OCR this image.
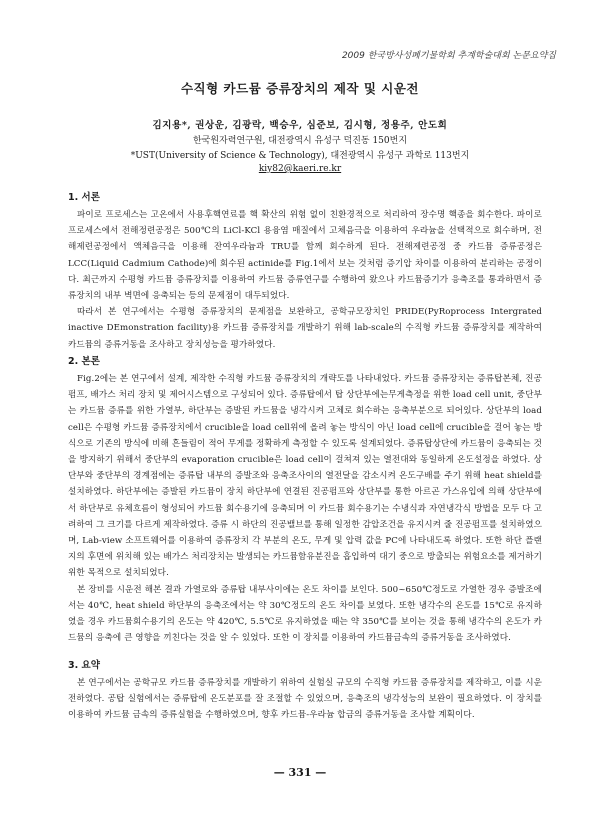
2009 한국방사성폐기물학회 추계학술대회 논문요약집
수직형 카드뮴 증류장치의 제작 및 시운전
김지용*, 권상운, 김광락, 백승우, 심준보, 김시형, 정용주, 안도희
한국원자력연구원, 대전광역시 유성구 덕진동 150번지
*UST(University of Science & Technology), 대전광역시 유성구 과학로 113번지
kiy82@kaeri.re.kr

1. 서론

파이로 프로세스는 고온에서 사용후핵연료를 핵 확산의 위험 없이 친환경적으로 처리하여 장수명 핵종을 회수한다. 파이로 프로세스에서 전해정련공정은 500℃의 LiCl-KCl 용융염 매질에서 고체음극을 이용하여 우라늄을 선택적으로 회수하며, 전해제련공정에서 액체음극을 이용해 잔여우라늄과 TRU를 함께 회수하게 된다. 전해제련공정 중 카드뮴 증류공정은 LCC(Liquid Cadmium Cathode)에 회수된 actinide를 Fig.1에서 보는 것처럼 증기압 차이를 이용하여 분리하는 공정이다. 최근까지 수평형 카드뮴 증류장치를 이용하여 카드뮴 증류연구를 수행하여 왔으나 카드뮴증기가 응축조를 통과하면서 증류장치의 내부 벽면에 응축되는 등의 문제점이 대두되었다.

따라서 본 연구에서는 수평형 증류장치의 문제점을 보완하고, 공학규모장치인 PRIDE(PyRoprocess Intergrated inactive DEmonstration facility)용 카드뮴 증류장치를 개발하기 위해 lab-scale의 수직형 카드뮴 증류장치를 제작하여 카드뮴의 증류거동을 조사하고 장치성능을 평가하였다.

2. 본론

Fig.2에는 본 연구에서 설계, 제작한 수직형 카드뮴 증류장치의 개략도를 나타내었다. 카드뮴 증류장치는 증류탑본체, 진공펌프, 배가스 처리 장치 및 제어시스템으로 구성되어 있다. 증류탑에서 탑 상단부에는무게측정을 위한 load cell unit, 중단부는 카드뮴 증류를 위한 가열부, 하단부는 증발된 카드뮴을 냉각시켜 고체로 회수하는 응축부분으로 되어있다. 상단부의 load cell은 수평형 카드뮴 증류장치에서 crucible을 load cell위에 올려 놓는 방식이 아닌 load cell에 crucible을 걸어 놓는 방식으로 기존의 방식에 비해 흔들림이 적어 무게를 정확하게 측정할 수 있도록 설계되었다. 증류탑상단에 카드뮴이 응축되는 것을 방지하기 위해서 중단부의 evaporation crucible은 load cell이 걸쳐져 있는 열전대와 동일하게 온도설정을 하였다. 상단부와 중단부의 경계점에는 증류탑 내부의 증발조와 응축조사이의 열전달을 감소시켜 온도구배를 주기 위해 heat shield를 설치하였다. 하단부에는 증발된 카드뮴이 장치 하단부에 연결된 진공펌프와 상단부를 통한 아르곤 가스유입에 의해 상단부에서 하단부로 유체흐름이 형성되어 카드뮴 회수용기에 응축되며 이 카드뮴 회수용기는 수냉식과 자연냉각식 방법을 모두 다 고려하여 그 크기를 다르게 제작하였다. 증류 시 하단의 진공밸브를 통해 일정한 감압조건을 유지시켜 줄 진공펌프를 설치하였으며, Lab-view 소프트웨어를 이용하여 증류장치 각 부분의 온도, 무게 및 압력 값을 PC에 나타내도록 하였다. 또한 하단 플랜지의 후면에 위치해 있는 배가스 처리장치는 발생되는 카드뮴함유분진을 흡입하여 대기 중으로 방출되는 위험요소를 제거하기 위한 목적으로 설치되었다.

본 장비를 시운전 해본 결과 가열로와 증류탑 내부사이에는 온도 차이를 보인다. 500~650℃정도로 가열한 경우 증발조에서는 40℃, heat shield 하단부의 응축조에서는 약 30℃정도의 온도 차이를 보였다. 또한 냉각수의 온도를 15℃로 유지하였을 경우 카드뮴회수용기의 온도는 약 420℃, 5.5℃로 유지하였을 때는 약 350℃를 보이는 것을 통해 냉각수의 온도가 카드뮴의 응축에 큰 영향을 끼친다는 것을 알 수 있었다. 또한 이 장치를 이용하여 카드뮴금속의 증류거동을 조사하였다.

3. 요약

본 연구에서는 공학규모 카드뮴 증류장치를 개발하기 위하여 실험실 규모의 수직형 카드뮴 증류장치를 제작하고, 이를 시운전하였다. 공탑 실험에서는 증류탑에 온도분포를 잘 조절할 수 있었으며, 응축조의 냉각성능의 보완이 필요하였다. 이 장치를 이용하여 카드뮴 금속의 증류실험을 수행하였으며, 향후 카드뮴-우라늄 합금의 증류거동을 조사할 계획이다.

— 331 —
